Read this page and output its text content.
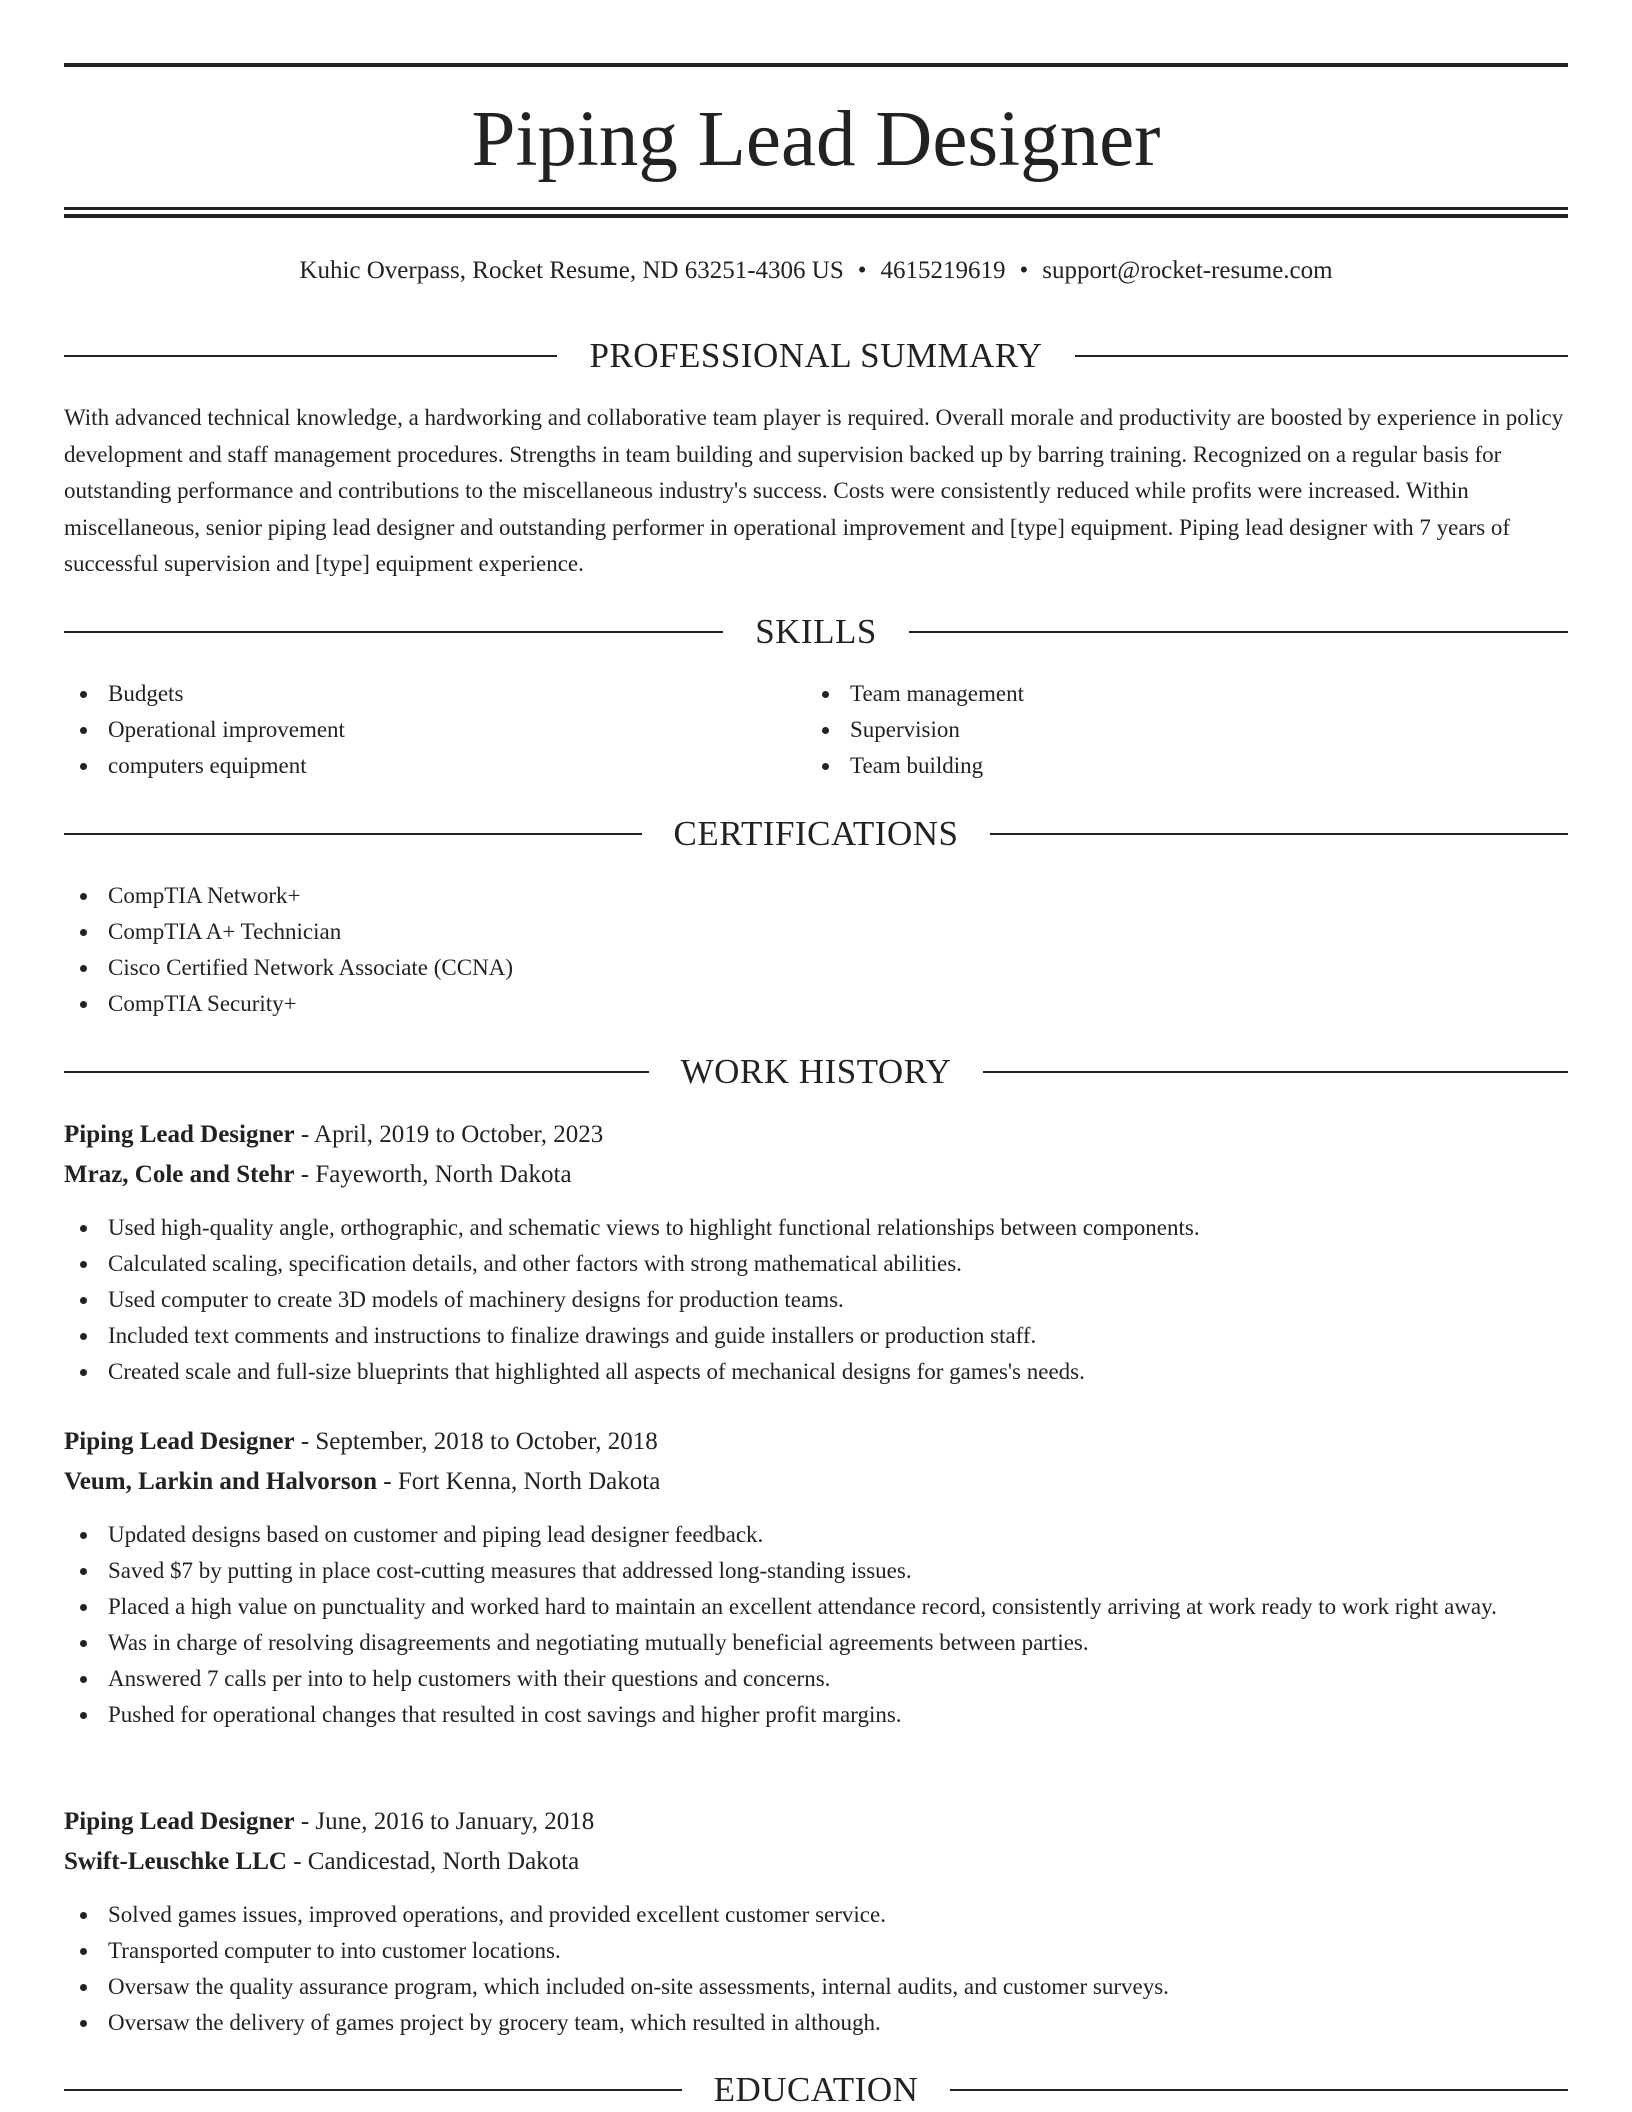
Piping Lead Designer
Kuhic Overpass, Rocket Resume, ND 63251-4306 US • 4615219619 • support@rocket-resume.com
PROFESSIONAL SUMMARY

With advanced technical knowledge, a hardworking and collaborative team player is required. Overall morale and productivity are boosted by experience in policy development and staff management procedures. Strengths in team building and supervision backed up by barring training. Recognized on a regular basis for outstanding performance and contributions to the miscellaneous industry's success. Costs were consistently reduced while profits were increased. Within miscellaneous, senior piping lead designer and outstanding performer in operational improvement and [type] equipment. Piping lead designer with 7 years of successful supervision and [type] equipment experience.

SKILLS
Budgets
Operational improvement
computers equipment
Team management
Supervision
Team building
CERTIFICATIONS
CompTIA Network+
CompTIA A+ Technician
Cisco Certified Network Associate (CCNA)
CompTIA Security+
WORK HISTORY
Piping Lead Designer - April, 2019 to October, 2023
Mraz, Cole and Stehr - Fayeworth, North Dakota
Used high-quality angle, orthographic, and schematic views to highlight functional relationships between components.
Calculated scaling, specification details, and other factors with strong mathematical abilities.
Used computer to create 3D models of machinery designs for production teams.
Included text comments and instructions to finalize drawings and guide installers or production staff.
Created scale and full-size blueprints that highlighted all aspects of mechanical designs for games's needs.
Piping Lead Designer - September, 2018 to October, 2018
Veum, Larkin and Halvorson - Fort Kenna, North Dakota
Updated designs based on customer and piping lead designer feedback.
Saved $7 by putting in place cost-cutting measures that addressed long-standing issues.
Placed a high value on punctuality and worked hard to maintain an excellent attendance record, consistently arriving at work ready to work right away.
Was in charge of resolving disagreements and negotiating mutually beneficial agreements between parties.
Answered 7 calls per into to help customers with their questions and concerns.
Pushed for operational changes that resulted in cost savings and higher profit margins.
Piping Lead Designer - June, 2016 to January, 2018
Swift-Leuschke LLC - Candicestad, North Dakota
Solved games issues, improved operations, and provided excellent customer service.
Transported computer to into customer locations.
Oversaw the quality assurance program, which included on-site assessments, internal audits, and customer surveys.
Oversaw the delivery of games project by grocery team, which resulted in although.
EDUCATION
